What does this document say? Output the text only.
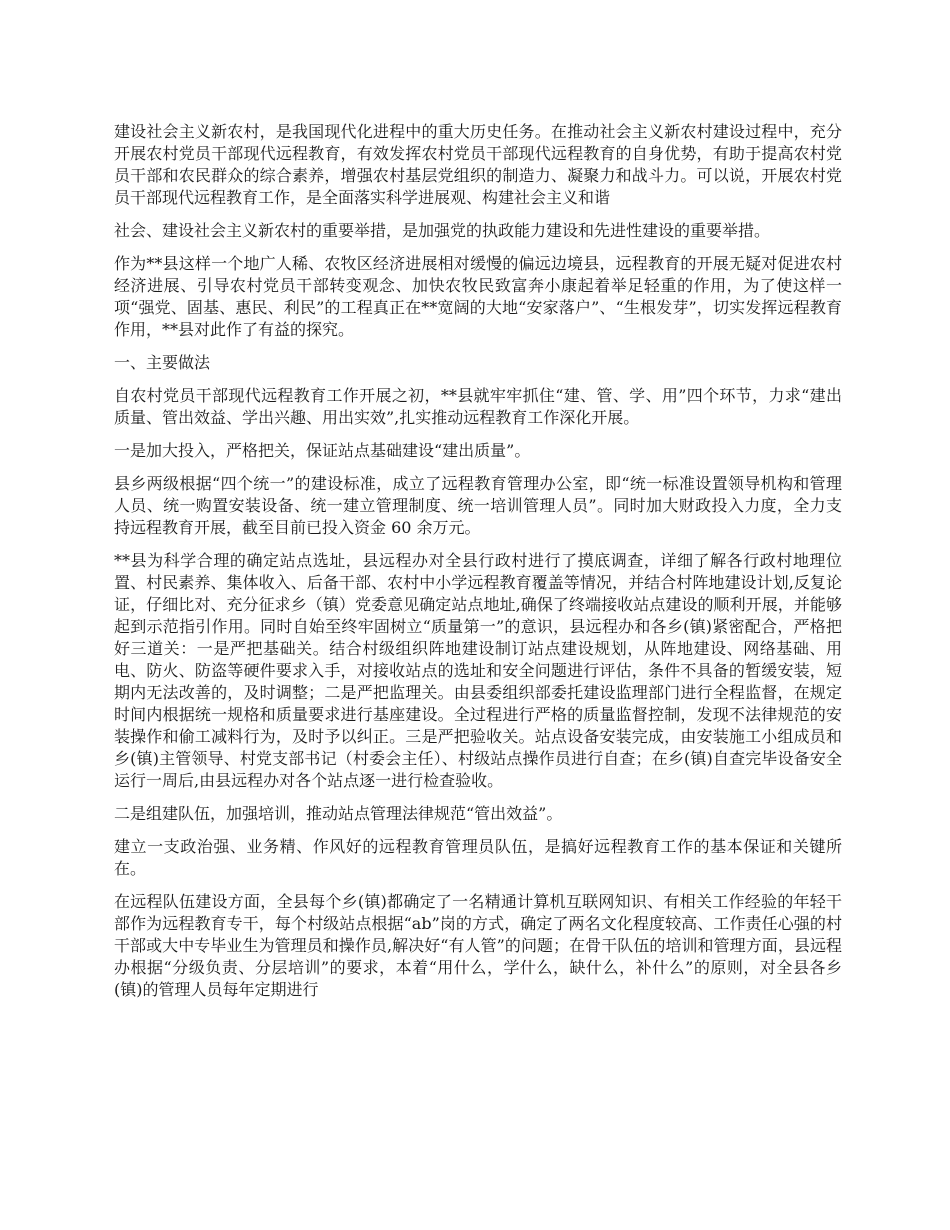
建设社会主义新农村，是我国现代化进程中的重大历史任务。在推动社会主义新农村建设过程中，充分开展农村党员干部现代远程教育，有效发挥农村党员干部现代远程教育的自身优势，有助于提高农村党员干部和农民群众的综合素养，增强农村基层党组织的制造力、凝聚力和战斗力。可以说，开展农村党员干部现代远程教育工作，是全面落实科学进展观、构建社会主义和谐

社会、建设社会主义新农村的重要举措，是加强党的执政能力建设和先进性建设的重要举措。

作为**县这样一个地广人稀、农牧区经济进展相对缓慢的偏远边境县，远程教育的开展无疑对促进农村经济进展、引导农村党员干部转变观念、加快农牧民致富奔小康起着举足轻重的作用，为了使这样一项“强党、固基、惠民、利民”的工程真正在**宽阔的大地“安家落户”、“生根发芽”，切实发挥远程教育作用，**县对此作了有益的探究。

一、主要做法

自农村党员干部现代远程教育工作开展之初，**县就牢牢抓住“建、管、学、用”四个环节，力求“建出质量、管出效益、学出兴趣、用出实效”,扎实推动远程教育工作深化开展。

一是加大投入，严格把关，保证站点基础建设“建出质量”。

县乡两级根据“四个统一”的建设标准，成立了远程教育管理办公室，即“统一标准设置领导机构和管理人员、统一购置安装设备、统一建立管理制度、统一培训管理人员”。同时加大财政投入力度，全力支持远程教育开展，截至目前已投入资金 60 余万元。

**县为科学合理的确定站点选址，县远程办对全县行政村进行了摸底调查，详细了解各行政村地理位置、村民素养、集体收入、后备干部、农村中小学远程教育覆盖等情况，并结合村阵地建设计划,反复论证，仔细比对、充分征求乡（镇）党委意见确定站点地址,确保了终端接收站点建设的顺利开展，并能够起到示范指引作用。同时自始至终牢固树立“质量第一”的意识，县远程办和各乡(镇)紧密配合，严格把好三道关：一是严把基础关。结合村级组织阵地建设制订站点建设规划，从阵地建设、网络基础、用电、防火、防盗等硬件要求入手，对接收站点的选址和安全问题进行评估，条件不具备的暂缓安装，短期内无法改善的，及时调整；二是严把监理关。由县委组织部委托建设监理部门进行全程监督，在规定时间内根据统一规格和质量要求进行基座建设。全过程进行严格的质量监督控制，发现不法律规范的安装操作和偷工减料行为，及时予以纠正。三是严把验收关。站点设备安装完成，由安装施工小组成员和乡(镇)主管领导、村党支部书记（村委会主任）、村级站点操作员进行自查；在乡(镇)自查完毕设备安全运行一周后,由县远程办对各个站点逐一进行检查验收。

二是组建队伍，加强培训，推动站点管理法律规范“管出效益”。

建立一支政治强、业务精、作风好的远程教育管理员队伍，是搞好远程教育工作的基本保证和关键所在。

在远程队伍建设方面，全县每个乡(镇)都确定了一名精通计算机互联网知识、有相关工作经验的年轻干部作为远程教育专干，每个村级站点根据“ab”岗的方式，确定了两名文化程度较高、工作责任心强的村干部或大中专毕业生为管理员和操作员,解决好“有人管”的问题；在骨干队伍的培训和管理方面，县远程办根据“分级负责、分层培训”的要求，本着“用什么，学什么，缺什么，补什么”的原则，对全县各乡(镇)的管理人员每年定期进行
